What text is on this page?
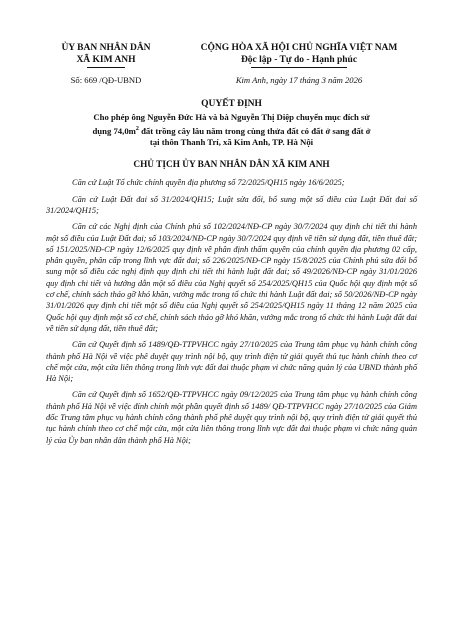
ỦY BAN NHÂN DÂN
XÃ KIM ANH
Số: 669 /QĐ-UBND
CỘNG HÒA XÃ HỘI CHỦ NGHĨA VIỆT NAM
Độc lập - Tự do - Hạnh phúc
Kim Anh, ngày 17 tháng 3 năm 2026
QUYẾT ĐỊNH
Cho phép ông Nguyễn Đức Hà và bà Nguyễn Thị Diệp chuyển mục đích sử
dụng $74,0m^2$ đất trồng cây lâu năm trong cùng thửa đất có đất ở sang đất ở
tại thôn Thanh Trí, xã Kim Anh, TP. Hà Nội
CHỦ TỊCH ỦY BAN NHÂN DÂN XÃ KIM ANH

Căn cứ Luật Tổ chức chính quyền địa phương số 72/2025/QH15 ngày 16/6/2025;

Căn cứ Luật Đất đai số 31/2024/QH15; Luật sửa đổi, bổ sung một số điều của Luật Đất đai số 31/2024/QH15;

Căn cứ các Nghị định của Chính phủ số 102/2024/NĐ-CP ngày 30/7/2024 quy định chi tiết thi hành một số điều của Luật Đất đai; số 103/2024/NĐ-CP ngày 30/7/2024 quy định về tiền sử dụng đất, tiền thuê đất; số 151/2025/NĐ-CP ngày 12/6/2025 quy định về phân định thẩm quyền của chính quyền địa phương 02 cấp, phân quyền, phân cấp trong lĩnh vực đất đai; số 226/2025/NĐ-CP ngày 15/8/2025 của Chính phủ sửa đổi bổ sung một số điều các nghị định quy định chi tiết thi hành luật đất đai; số 49/2026/NĐ-CP ngày 31/01/2026 quy định chi tiết và hướng dẫn một số điều của Nghị quyết số 254/2025/QH15 của Quốc hội quy định một số cơ chế, chính sách tháo gỡ khó khăn, vướng mắc trong tổ chức thi hành Luật đất đai; số 50/2026/NĐ-CP ngày 31/01/2026 quy định chi tiết một số điều của Nghị quyết số 254/2025/QH15 ngày 11 tháng 12 năm 2025 của Quốc hội quy định một số cơ chế, chính sách tháo gỡ khó khăn, vướng mắc trong tổ chức thi hành Luật đất đai về tiền sử dụng đất, tiền thuê đất;

Căn cứ Quyết định số 1489/QĐ-TTPVHCC ngày 27/10/2025 của Trung tâm phục vụ hành chính công thành phố Hà Nội về việc phê duyệt quy trình nội bộ, quy trình điện tử giải quyết thủ tục hành chính theo cơ chế một cửa, một cửa liên thông trong lĩnh vực đất đai thuộc phạm vi chức năng quản lý của UBND thành phố Hà Nội;

Căn cứ Quyết định số 1652/QĐ-TTPVHCC ngày 09/12/2025 của Trung tâm phục vụ hành chính công thành phố Hà Nội về việc đính chính một phần quyết định số 1489/ QĐ-TTPVHCC ngày 27/10/2025 của Giám đốc Trung tâm phục vụ hành chính công thành phố phê duyệt quy trình nội bộ, quy trình điện tử giải quyết thủ tục hành chính theo cơ chế một cửa, một cửa liên thông trong lĩnh vực đất đai thuộc phạm vi chức năng quản lý của Ủy ban nhân dân thành phố Hà Nội;
